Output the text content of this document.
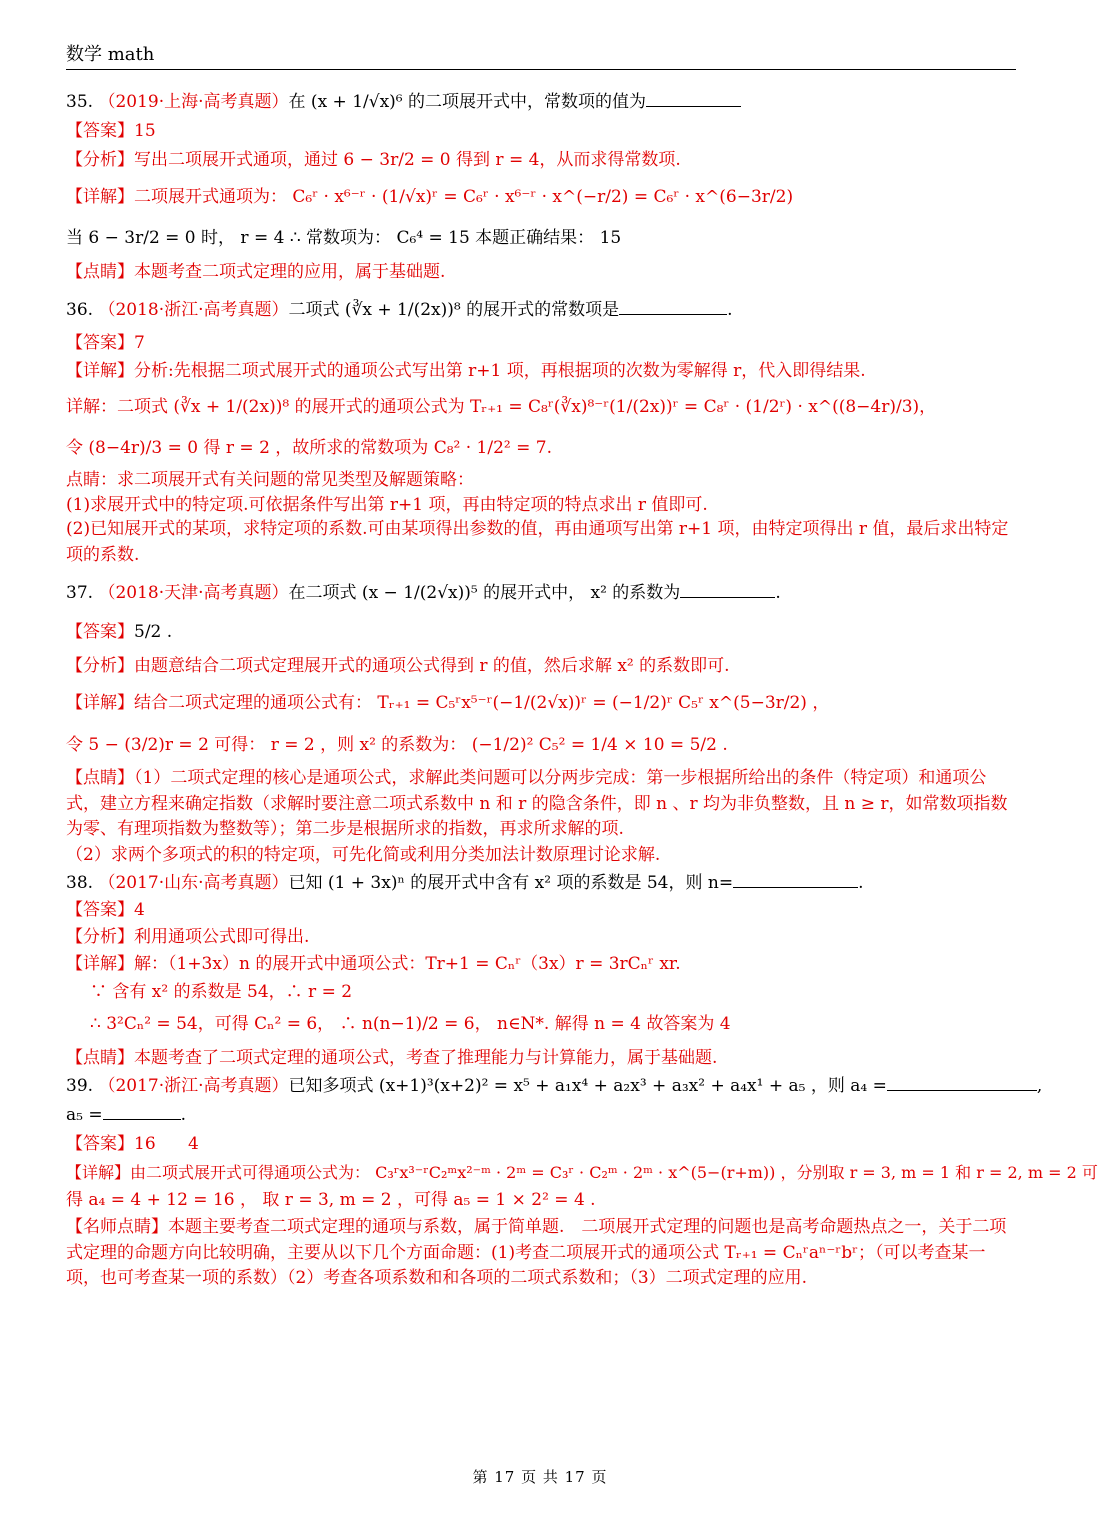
数学 math
35. （2019·上海·高考真题）在 (x + 1/√x)⁶ 的二项展开式中，常数项的值为
【答案】15
【分析】写出二项展开式通项，通过 6 − 3r/2 = 0 得到 r = 4，从而求得常数项.
【详解】二项展开式通项为： C₆ʳ · x⁶⁻ʳ · (1/√x)ʳ = C₆ʳ · x⁶⁻ʳ · x^(−r/2) = C₆ʳ · x^(6−3r/2)
当 6 − 3r/2 = 0 时， r = 4 ∴ 常数项为： C₆⁴ = 15 本题正确结果： 15
【点睛】本题考查二项式定理的应用，属于基础题.
36. （2018·浙江·高考真题）二项式 (∛x + 1/(2x))⁸ 的展开式的常数项是	.
【答案】7
【详解】分析:先根据二项式展开式的通项公式写出第 r+1 项，再根据项的次数为零解得 r，代入即得结果.
详解：二项式 (∛x + 1/(2x))⁸ 的展开式的通项公式为 Tᵣ₊₁ = C₈ʳ(∛x)⁸⁻ʳ(1/(2x))ʳ = C₈ʳ · (1/2ʳ) · x^((8−4r)/3)，
令 (8−4r)/3 = 0 得 r = 2 ，故所求的常数项为 C₈² · 1/2² = 7.
点睛：求二项展开式有关问题的常见类型及解题策略：
(1)求展开式中的特定项.可依据条件写出第 r+1 项，再由特定项的特点求出 r 值即可.
(2)已知展开式的某项，求特定项的系数.可由某项得出参数的值，再由通项写出第 r+1 项，由特定项得出 r 值，最后求出特定项的系数.
37. （2018·天津·高考真题）在二项式 (x − 1/(2√x))⁵ 的展开式中， x² 的系数为	.
【答案】5/2 .
【分析】由题意结合二项式定理展开式的通项公式得到 r 的值，然后求解 x² 的系数即可.
【详解】结合二项式定理的通项公式有： Tᵣ₊₁ = C₅ʳx⁵⁻ʳ(−1/(2√x))ʳ = (−1/2)ʳ C₅ʳ x^(5−3r/2) ，
令 5 − (3/2)r = 2 可得： r = 2 ，则 x² 的系数为： (−1/2)² C₅² = 1/4 × 10 = 5/2 .
【点睛】（1）二项式定理的核心是通项公式，求解此类问题可以分两步完成：第一步根据所给出的条件（特定项）和通项公式，建立方程来确定指数（求解时要注意二项式系数中 n 和 r 的隐含条件，即 n 、r 均为非负整数，且 n ≥ r，如常数项指数为零、有理项指数为整数等）；第二步是根据所求的指数，再求所求解的项.
（2）求两个多项式的积的特定项，可先化简或利用分类加法计数原理讨论求解.
38. （2017·山东·高考真题）已知 (1 + 3x)ⁿ 的展开式中含有 x² 项的系数是 54，则 n=	.
【答案】4
【分析】利用通项公式即可得出.
【详解】解：（1+3x）n 的展开式中通项公式：Tr+1 = Cₙʳ（3x）r = 3rCₙʳ xr.
∵ 含有 x² 的系数是 54，∴ r = 2
∴ 3²Cₙ² = 54，可得 Cₙ² = 6， ∴ n(n−1)/2 = 6， n∈N*. 解得 n = 4 故答案为 4
【点睛】本题考查了二项式定理的通项公式，考查了推理能力与计算能力，属于基础题.
39. （2017·浙江·高考真题）已知多项式 (x+1)³(x+2)² = x⁵ + a₁x⁴ + a₂x³ + a₃x² + a₄x¹ + a₅ ，则 a₄ =	,
a₅ =	.
【答案】16      4
【详解】由二项式展开式可得通项公式为： C₃ʳx³⁻ʳC₂ᵐx²⁻ᵐ · 2ᵐ = C₃ʳ · C₂ᵐ · 2ᵐ · x^(5−(r+m)) ，分别取 r = 3, m = 1 和 r = 2, m = 2 可
得 a₄ = 4 + 12 = 16 ， 取 r = 3, m = 2 ，可得 a₅ = 1 × 2² = 4 .
【名师点睛】本题主要考查二项式定理的通项与系数，属于简单题.　二项展开式定理的问题也是高考命题热点之一，关于二项式定理的命题方向比较明确，主要从以下几个方面命题：(1)考查二项展开式的通项公式 Tᵣ₊₁ = Cₙʳaⁿ⁻ʳbʳ；（可以考查某一项，也可考查某一项的系数）（2）考查各项系数和和各项的二项式系数和；（3）二项式定理的应用.
第 17 页 共 17 页
